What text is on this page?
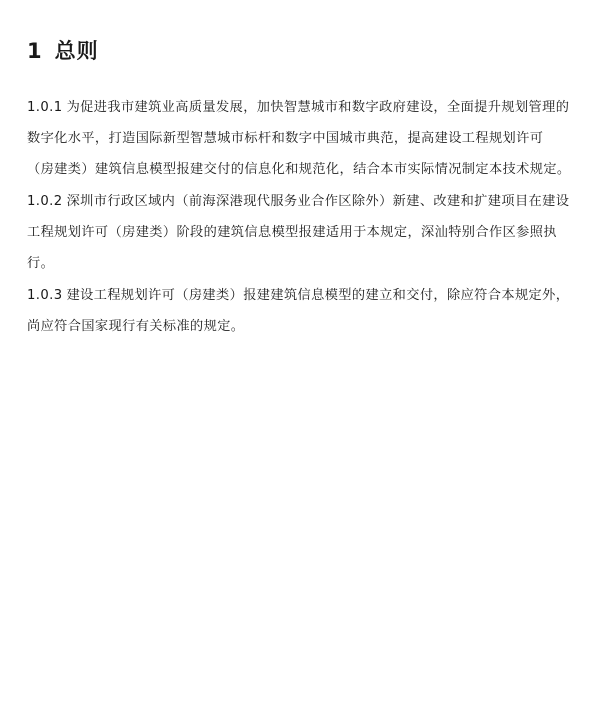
1 总则
1.0.1 为促进我市建筑业高质量发展，加快智慧城市和数字政府建设，全面提升规划管理的
数字化水平，打造国际新型智慧城市标杆和数字中国城市典范，提高建设工程规划许可
（房建类）建筑信息模型报建交付的信息化和规范化，结合本市实际情况制定本技术规定。
1.0.2 深圳市行政区域内（前海深港现代服务业合作区除外）新建、改建和扩建项目在建设
工程规划许可（房建类）阶段的建筑信息模型报建适用于本规定，深汕特别合作区参照执
行。
1.0.3 建设工程规划许可（房建类）报建建筑信息模型的建立和交付，除应符合本规定外，
尚应符合国家现行有关标准的规定。
